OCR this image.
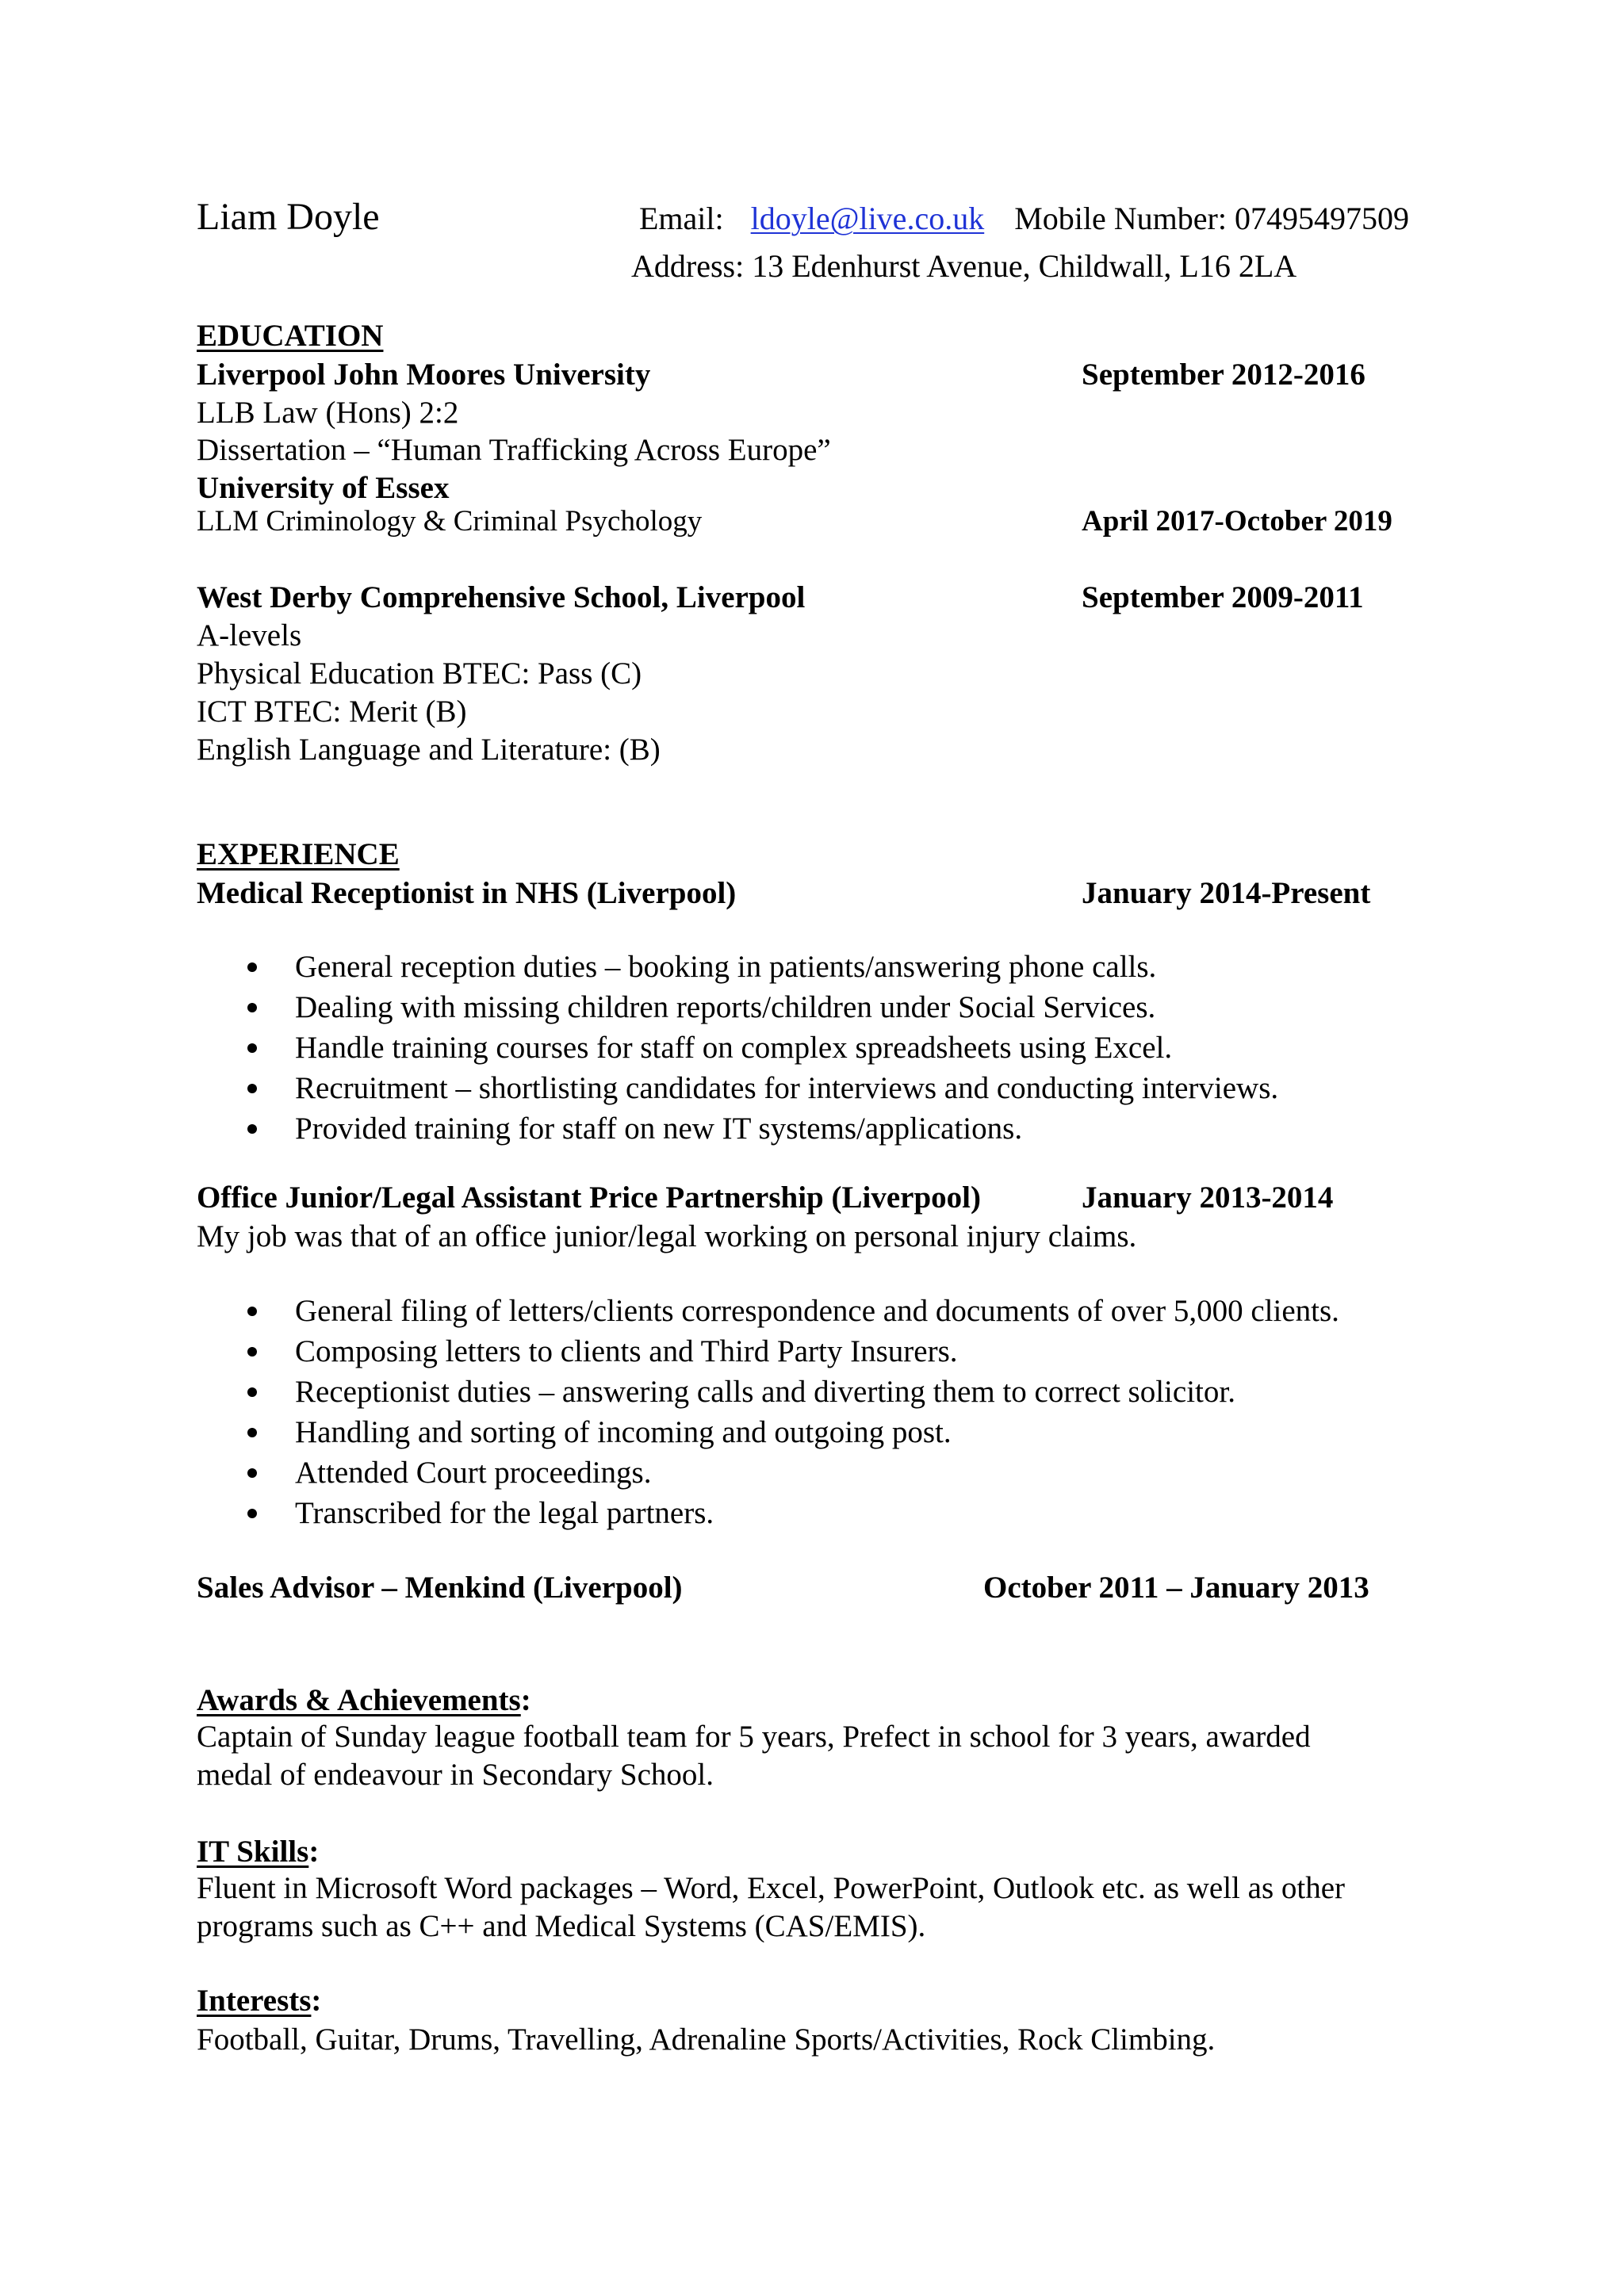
Liam Doyle	Email: ldoyle@live.co.uk Mobile Number: 07495497509
Address: 13 Edenhurst Avenue, Childwall, L16 2LA
EDUCATION
Liverpool John Moores University	September 2012-2016
LLB Law (Hons) 2:2
Dissertation – “Human Trafficking Across Europe”
University of Essex
LLM Criminology & Criminal Psychology	April 2017-October 2019
West Derby Comprehensive School, Liverpool	September 2009-2011
A-levels
Physical Education BTEC: Pass (C)
ICT BTEC: Merit (B)
English Language and Literature: (B)
EXPERIENCE
Medical Receptionist in NHS (Liverpool)	January 2014-Present
General reception duties – booking in patients/answering phone calls.
Dealing with missing children reports/children under Social Services.
Handle training courses for staff on complex spreadsheets using Excel.
Recruitment – shortlisting candidates for interviews and conducting interviews.
Provided training for staff on new IT systems/applications.
Office Junior/Legal Assistant Price Partnership (Liverpool)	January 2013-2014
My job was that of an office junior/legal working on personal injury claims.
General filing of letters/clients correspondence and documents of over 5,000 clients.
Composing letters to clients and Third Party Insurers.
Receptionist duties – answering calls and diverting them to correct solicitor.
Handling and sorting of incoming and outgoing post.
Attended Court proceedings.
Transcribed for the legal partners.
Sales Advisor – Menkind (Liverpool)	October 2011 – January 2013
Awards & Achievements:
Captain of Sunday league football team for 5 years, Prefect in school for 3 years, awarded
medal of endeavour in Secondary School.
IT Skills:
Fluent in Microsoft Word packages – Word, Excel, PowerPoint, Outlook etc. as well as other
programs such as C++ and Medical Systems (CAS/EMIS).
Interests:
Football, Guitar, Drums, Travelling, Adrenaline Sports/Activities, Rock Climbing.
